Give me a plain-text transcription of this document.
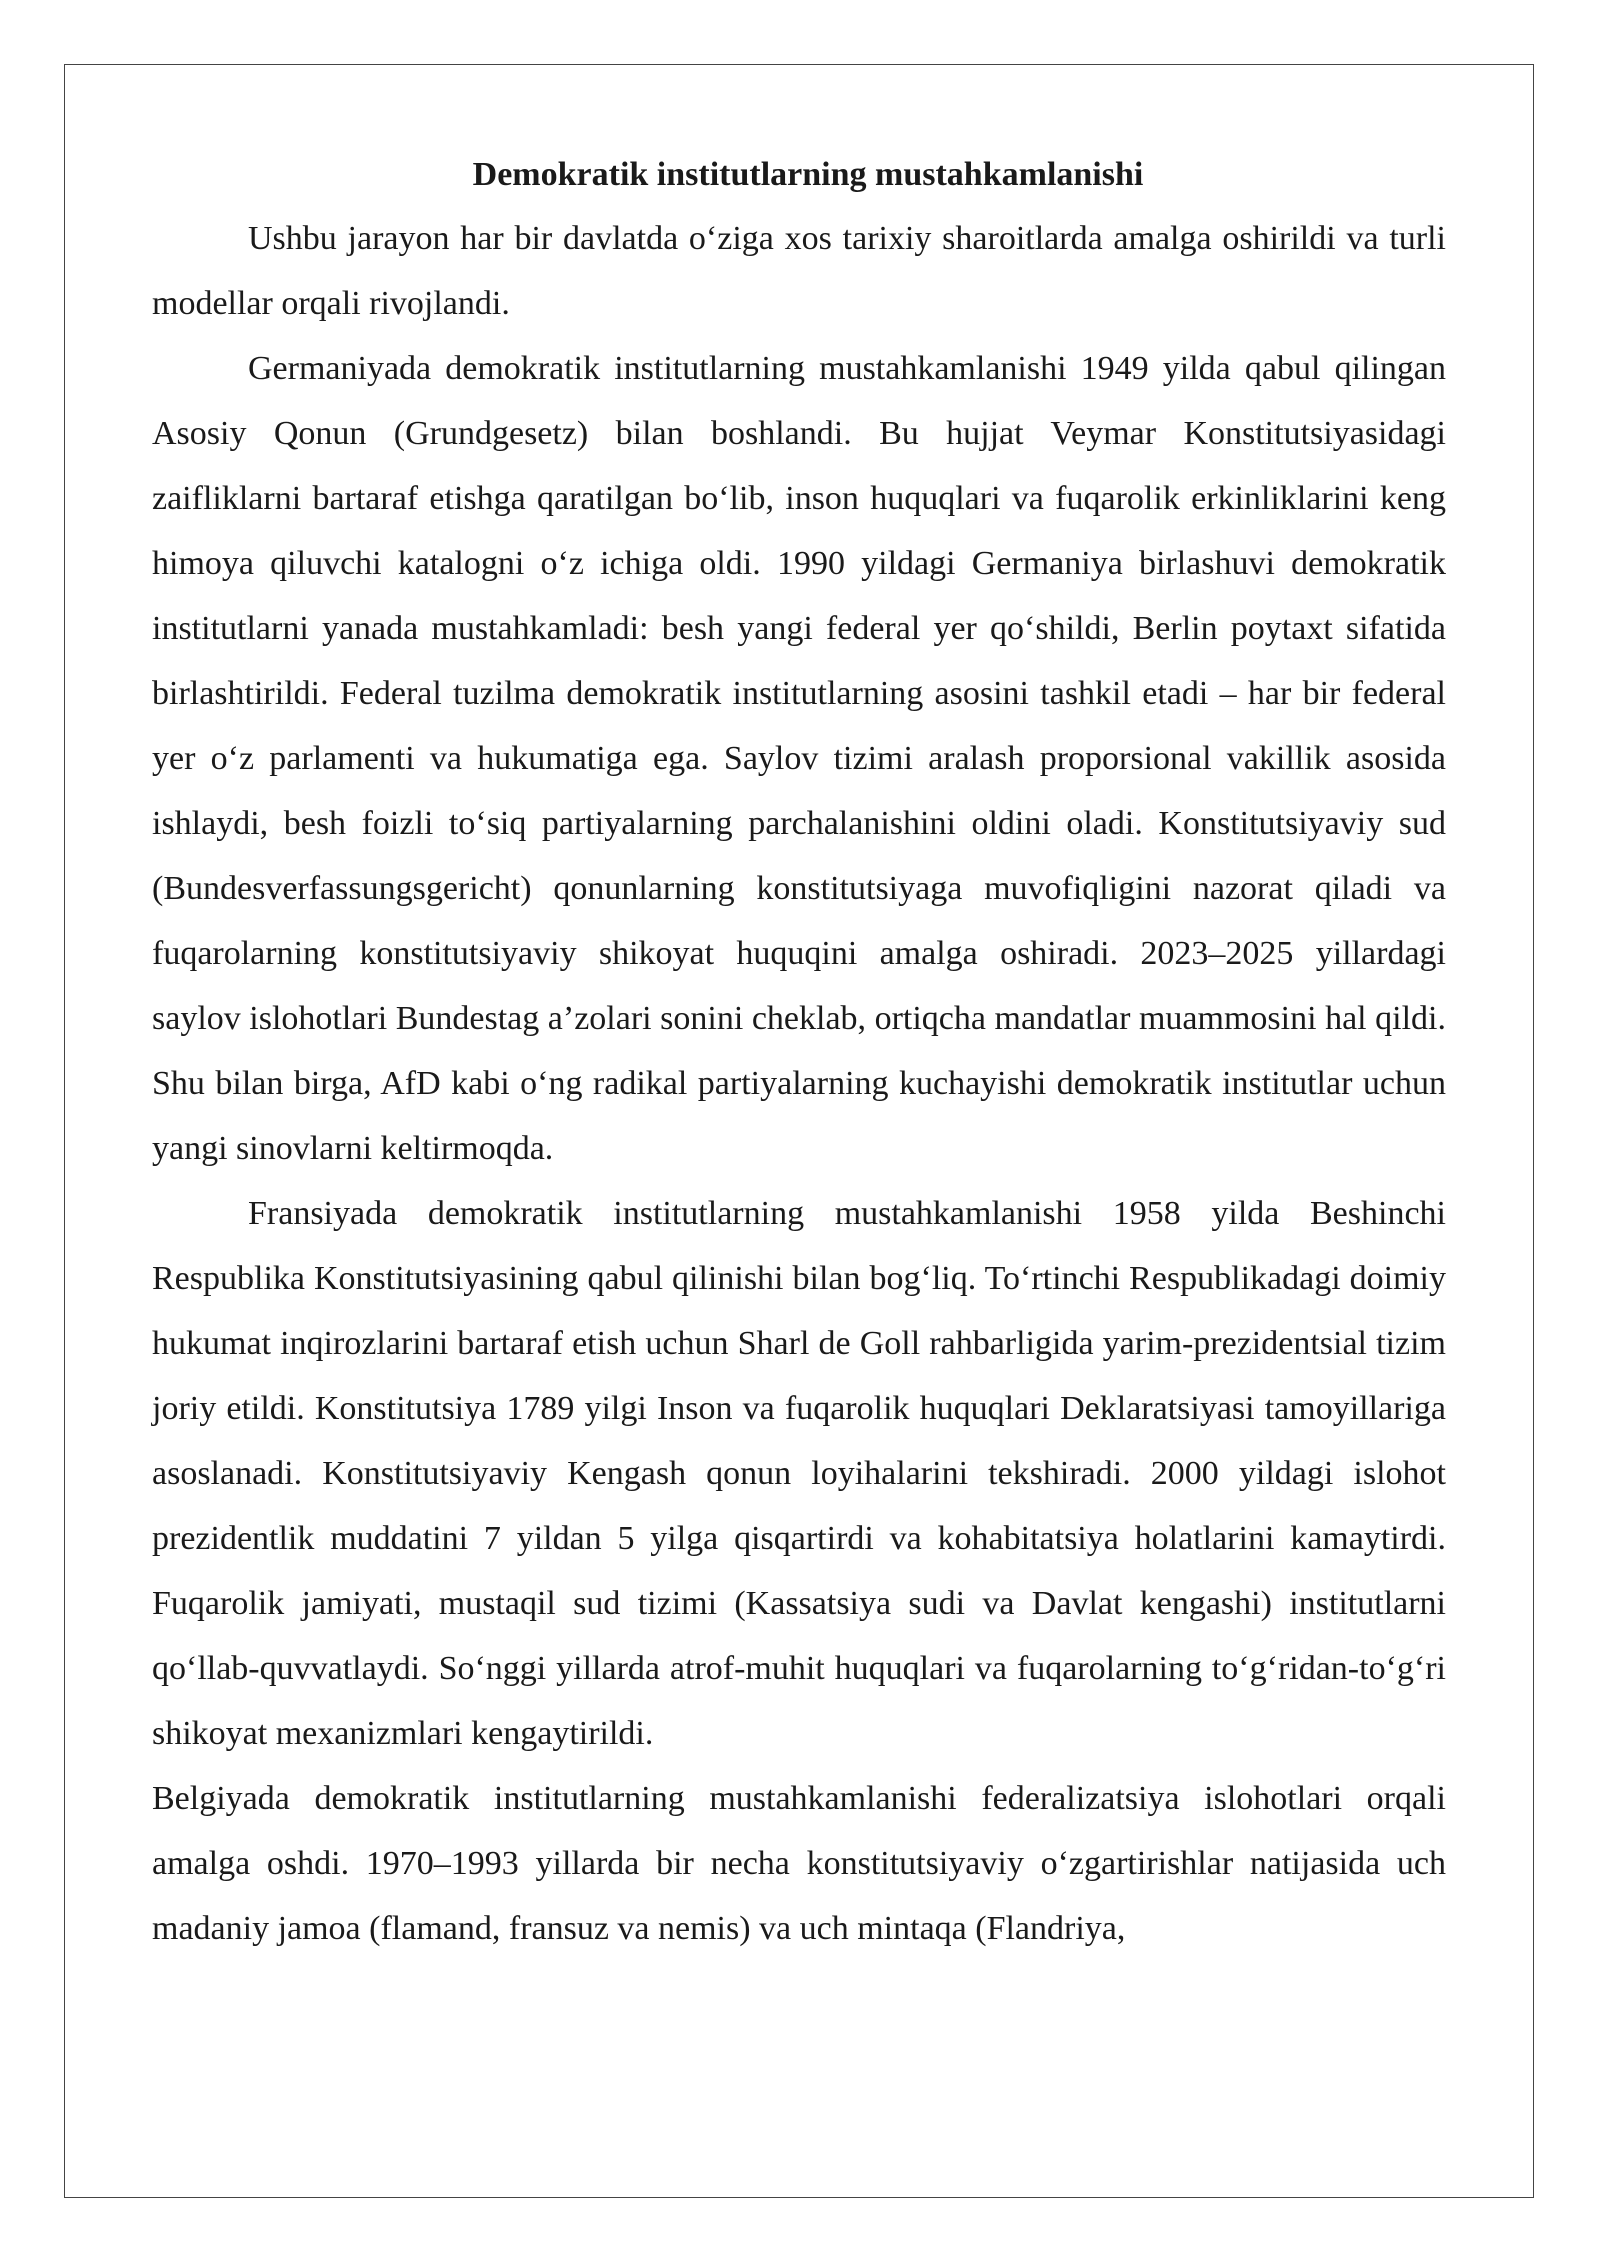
Demokratik institutlarning mustahkamlanishi

Ushbu jarayon har bir davlatda o‘ziga xos tarixiy sharoitlarda amalga oshirildi va turli modellar orqali rivojlandi.

Germaniyada demokratik institutlarning mustahkamlanishi 1949 yilda qabul qilingan Asosiy Qonun (Grundgesetz) bilan boshlandi. Bu hujjat Veymar Konstitutsiyasidagi zaifliklarni bartaraf etishga qaratilgan bo‘lib, inson huquqlari va fuqarolik erkinliklarini keng himoya qiluvchi katalogni o‘z ichiga oldi. 1990 yildagi Germaniya birlashuvi demokratik institutlarni yanada mustahkamladi: besh yangi federal yer qo‘shildi, Berlin poytaxt sifatida birlashtirildi. Federal tuzilma demokratik institutlarning asosini tashkil etadi – har bir federal yer o‘z parlamenti va hukumatiga ega. Saylov tizimi aralash proporsional vakillik asosida ishlaydi, besh foizli to‘siq partiyalarning parchalanishini oldini oladi. Konstitutsiyaviy sud (Bundesverfassungsgericht) qonunlarning konstitutsiyaga muvofiqligini nazorat qiladi va fuqarolarning konstitutsiyaviy shikoyat huquqini amalga oshiradi. 2023–2025 yillardagi saylov islohotlari Bundestag a’zolari sonini cheklab, ortiqcha mandatlar muammosini hal qildi. Shu bilan birga, AfD kabi o‘ng radikal partiyalarning kuchayishi demokratik institutlar uchun yangi sinovlarni keltirmoqda.

Fransiyada demokratik institutlarning mustahkamlanishi 1958 yilda Beshinchi Respublika Konstitutsiyasining qabul qilinishi bilan bog‘liq. To‘rtinchi Respublikadagi doimiy hukumat inqirozlarini bartaraf etish uchun Sharl de Goll rahbarligida yarim-prezidentsial tizim joriy etildi. Konstitutsiya 1789 yilgi Inson va fuqarolik huquqlari Deklaratsiyasi tamoyillariga asoslanadi. Konstitutsiyaviy Kengash qonun loyihalarini tekshiradi. 2000 yildagi islohot prezidentlik muddatini 7 yildan 5 yilga qisqartirdi va kohabitatsiya holatlarini kamaytirdi. Fuqarolik jamiyati, mustaqil sud tizimi (Kassatsiya sudi va Davlat kengashi) institutlarni qo‘llab-quvvatlaydi. So‘nggi yillarda atrof-muhit huquqlari va fuqarolarning to‘g‘ridan-to‘g‘ri shikoyat mexanizmlari kengaytirildi.

Belgiyada demokratik institutlarning mustahkamlanishi federalizatsiya islohotlari orqali amalga oshdi. 1970–1993 yillarda bir necha konstitutsiyaviy o‘zgartirishlar natijasida uch madaniy jamoa (flamand, fransuz va nemis) va uch mintaqa (Flandriya,
